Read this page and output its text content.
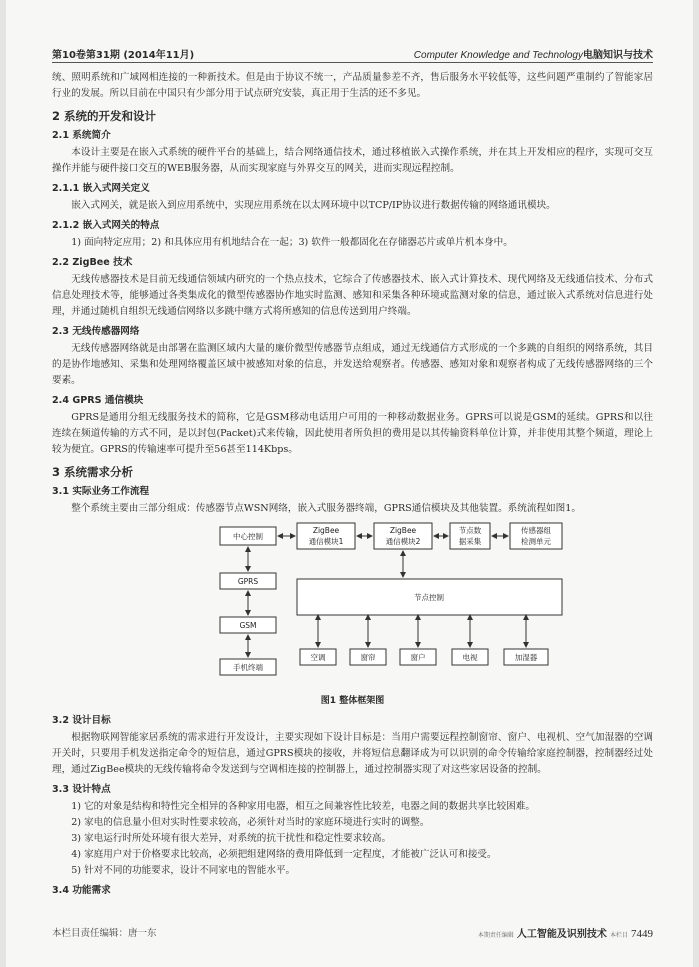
第10卷第31期 (2014年11月)	Computer Knowledge and Technology电脑知识与技术

统、照明系统和广域网相连接的一种新技术。但是由于协议不统一，产品质量参差不齐，售后服务水平较低等，这些问题严重制约了智能家居行业的发展。所以目前在中国只有少部分用于试点研究安装，真正用于生活的还不多见。

2 系统的开发和设计
2.1 系统简介

本设计主要是在嵌入式系统的硬件平台的基础上，结合网络通信技术，通过移植嵌入式操作系统，并在其上开发相应的程序，实现可交互操作并能与硬件接口交互的WEB服务器，从而实现家庭与外界交互的网关，进而实现远程控制。

2.1.1 嵌入式网关定义

嵌入式网关，就是嵌入到应用系统中，实现应用系统在以太网环境中以TCP/IP协议进行数据传输的网络通讯模块。

2.1.2 嵌入式网关的特点

1) 面向特定应用；2) 和具体应用有机地结合在一起；3) 软件一般都固化在存储器芯片或单片机本身中。

2.2 ZigBee 技术

无线传感器技术是目前无线通信领域内研究的一个热点技术，它综合了传感器技术、嵌入式计算技术、现代网络及无线通信技术、分布式信息处理技术等，能够通过各类集成化的微型传感器协作地实时监测、感知和采集各种环境或监测对象的信息，通过嵌入式系统对信息进行处理，并通过随机自组织无线通信网络以多跳中继方式将所感知的信息传送到用户终端。

2.3 无线传感器网络

无线传感器网络就是由部署在监测区域内大量的廉价微型传感器节点组成，通过无线通信方式形成的一个多跳的自组织的网络系统，其目的是协作地感知、采集和处理网络覆盖区域中被感知对象的信息，并发送给观察者。传感器、感知对象和观察者构成了无线传感器网络的三个要素。

2.4 GPRS 通信模块

GPRS是通用分组无线服务技术的简称，它是GSM移动电话用户可用的一种移动数据业务。GPRS可以说是GSM的延续。GPRS和以往连续在频道传输的方式不同，是以封包(Packet)式来传输，因此使用者所负担的费用是以其传输资料单位计算，并非使用其整个频道，理论上较为便宜。GPRS的传输速率可提升至56甚至114Kbps。

3 系统需求分析
3.1 实际业务工作流程

整个系统主要由三部分组成：传感器节点WSN网络，嵌入式服务器终端，GPRS通信模块及其他装置。系统流程如图1。

中心控制
ZigBee
通信模块1
ZigBee
通信模块2
节点数
据采集
传感器组
检测单元
GPRS
GSM
手机终端
节点控制
空调	窗帘	窗户	电视	加湿器
图1 整体框架图
3.2 设计目标

根据物联网智能家居系统的需求进行开发设计，主要实现如下设计目标是：当用户需要远程控制窗帘、窗户、电视机、空气加湿器的空调开关时，只要用手机发送指定命令的短信息，通过GPRS模块的接收，并将短信息翻译成为可以识别的命令传输给家庭控制器，控制器经过处理，通过ZigBee模块的无线传输将命令发送到与空调相连接的控制器上，通过控制器实现了对这些家居设备的控制。

3.3 设计特点

1) 它的对象是结构和特性完全相异的各种家用电器，相互之间兼容性比较差，电器之间的数据共享比较困难。

2) 家电的信息量小但对实时性要求较高，必须针对当时的家庭环境进行实时的调整。

3) 家电运行时所处环境有很大差异，对系统的抗干扰性和稳定性要求较高。

4) 家庭用户对于价格要求比较高，必须把组建网络的费用降低到一定程度，才能被广泛认可和接受。

5) 针对不同的功能要求，设计不同家电的智能水平。

3.4 功能需求
本栏目责任编辑：唐一东	本期责任编辑 人工智能及识别技术 本栏目 7449
